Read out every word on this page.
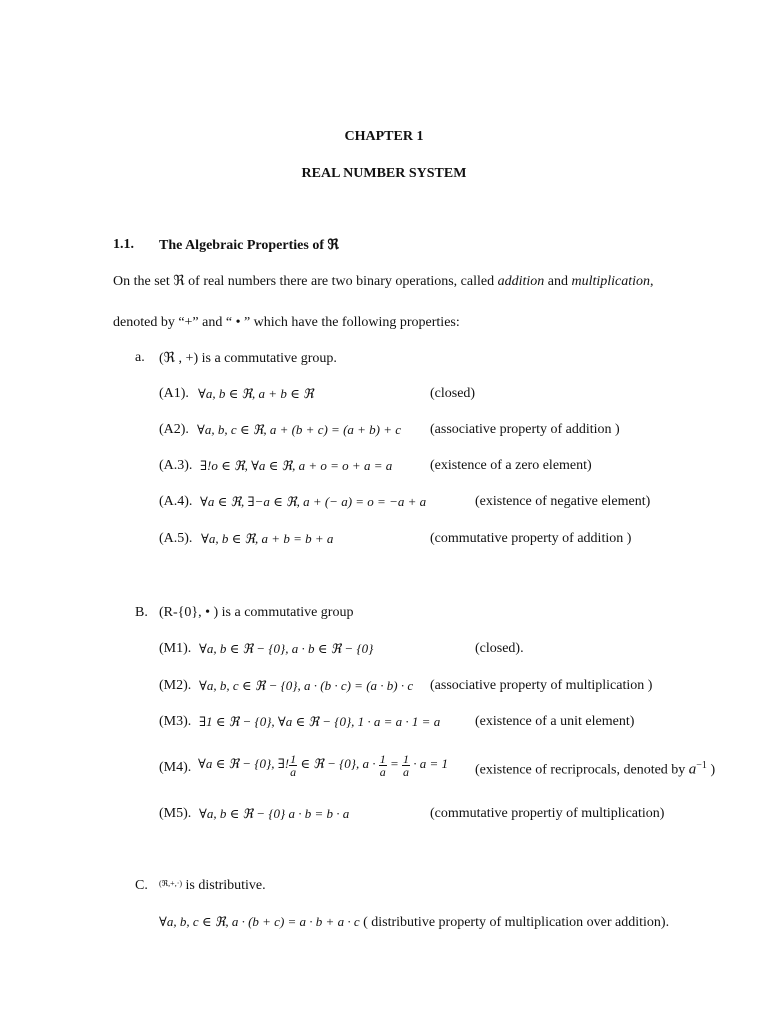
CHAPTER 1
REAL NUMBER SYSTEM
1.1. The Algebraic Properties of ℜ
On the set ℜ of real numbers there are two binary operations, called addition and multiplication,
denoted by “+” and “ • ” which have the following properties:
a. (ℜ , +) is a commutative group.
(A1). ∀a, b ∈ ℜ, a + b ∈ ℜ	(closed)
(A2). ∀a, b, c ∈ ℜ, a + (b + c) = (a + b) + c (associative property of addition )
(A.3). ∃!o ∈ ℜ, ∀a ∈ ℜ, a + o = o + a = a	(existence of a zero element)
(A.4). ∀a ∈ ℜ, ∃−a ∈ ℜ, a + (− a) = o = −a + a	(existence of negative element)
(A.5). ∀a, b ∈ ℜ, a + b = b + a	(commutative property of addition )
B. (R-{0}, • ) is a commutative group
(M1). ∀a, b ∈ ℜ − {0}, a · b ∈ ℜ − {0}	(closed).
(M2). ∀a, b, c ∈ ℜ − {0}, a · (b · c) = (a · b) · c (associative property of multiplication )
(M3). ∃1 ∈ ℜ − {0}, ∀a ∈ ℜ − {0}, 1 · a = a · 1 = a (existence of a unit element)
(M4). ∀a ∈ ℜ − {0}, ∃! $\frac{1}{a}$ ∈ ℜ − {0}, $a \cdot \frac{1}{a} = \frac{1}{a} \cdot a = 1$ (existence of recriprocals, denoted by $a^{-1}$ )
(M5). ∀a, b ∈ ℜ − {0} a · b = b · a	(commutative propertiy of multiplication)
C. $^{(ℜ,+,\cdot)}$ is distributive.
∀a, b, c ∈ ℜ, a · (b + c) = a · b + a · c ( distributive property of multiplication over addition).
